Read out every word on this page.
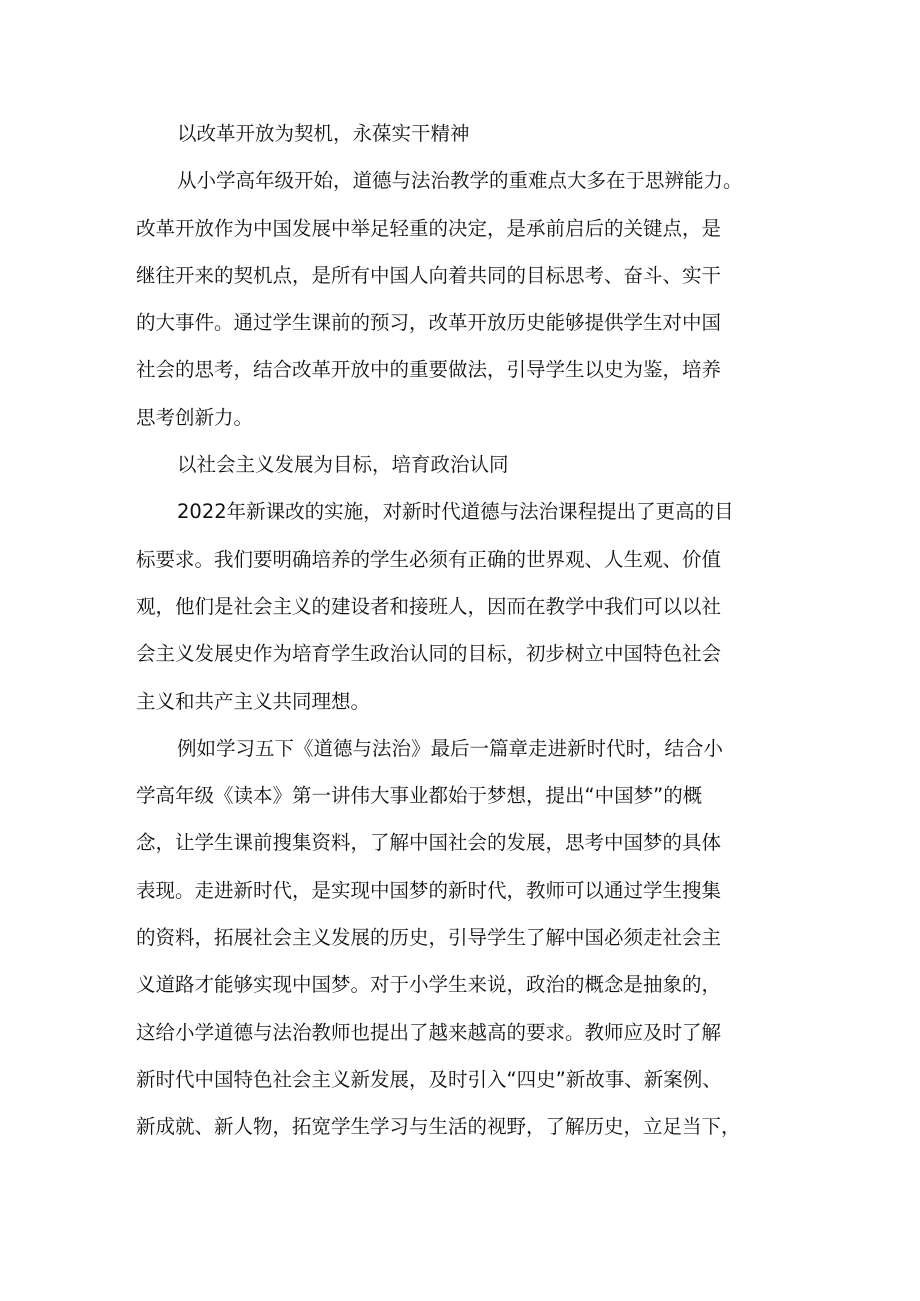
以改革开放为契机，永葆实干精神
从小学高年级开始，道德与法治教学的重难点大多在于思辨能力。
改革开放作为中国发展中举足轻重的决定，是承前启后的关键点，是
继往开来的契机点，是所有中国人向着共同的目标思考、奋斗、实干
的大事件。通过学生课前的预习，改革开放历史能够提供学生对中国
社会的思考，结合改革开放中的重要做法，引导学生以史为鉴，培养
思考创新力。
以社会主义发展为目标，培育政治认同
2022年新课改的实施，对新时代道德与法治课程提出了更高的目
标要求。我们要明确培养的学生必须有正确的世界观、人生观、价值
观，他们是社会主义的建设者和接班人，因而在教学中我们可以以社
会主义发展史作为培育学生政治认同的目标，初步树立中国特色社会
主义和共产主义共同理想。
例如学习五下《道德与法治》最后一篇章走进新时代时，结合小
学高年级《读本》第一讲伟大事业都始于梦想，提出“中国梦”的概
念，让学生课前搜集资料，了解中国社会的发展，思考中国梦的具体
表现。走进新时代，是实现中国梦的新时代，教师可以通过学生搜集
的资料，拓展社会主义发展的历史，引导学生了解中国必须走社会主
义道路才能够实现中国梦。对于小学生来说，政治的概念是抽象的，
这给小学道德与法治教师也提出了越来越高的要求。教师应及时了解
新时代中国特色社会主义新发展，及时引入“四史”新故事、新案例、
新成就、新人物，拓宽学生学习与生活的视野，了解历史，立足当下，
